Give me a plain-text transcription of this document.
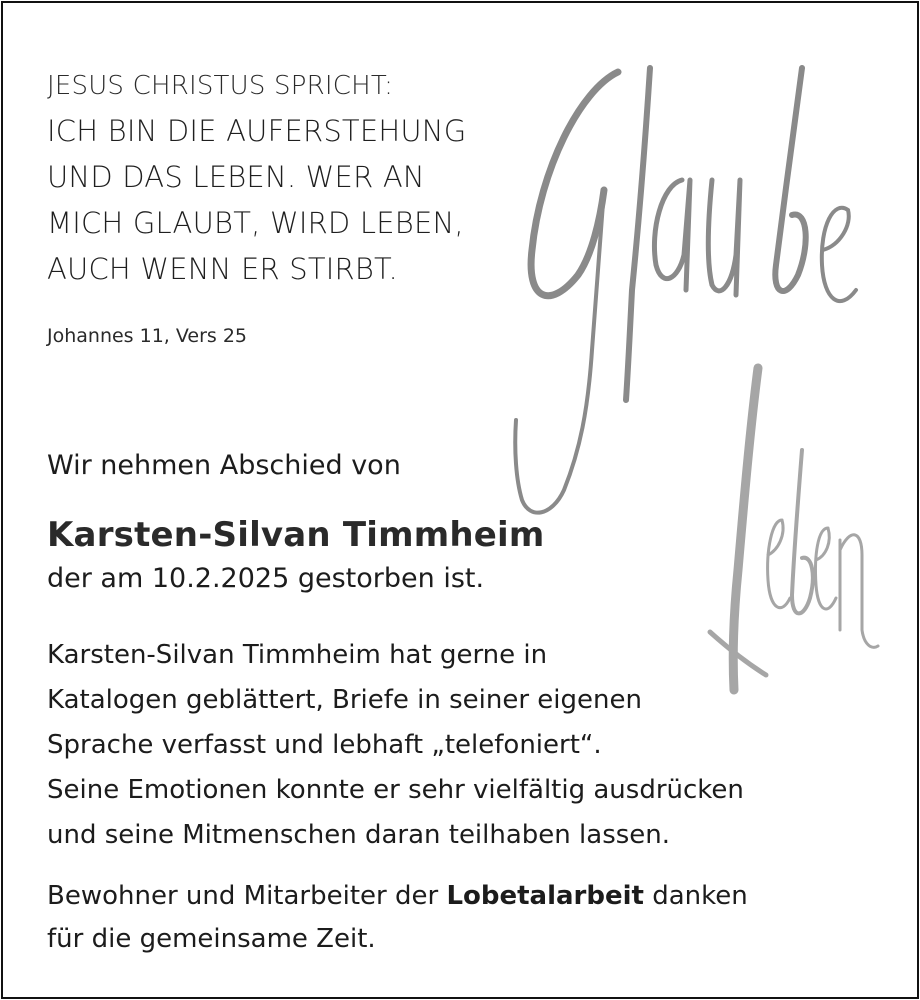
JESUS CHRISTUS SPRICHT:
ICH BIN DIE AUFERSTEHUNG
UND DAS LEBEN. WER AN
MICH GLAUBT, WIRD LEBEN,
AUCH WENN ER STIRBT.
Johannes 11, Vers 25
Wir nehmen Abschied von
Karsten-Silvan Timmheim
der am 10.2.2025 gestorben ist.
Karsten-Silvan Timmheim hat gerne in
Katalogen geblättert, Briefe in seiner eigenen
Sprache verfasst und lebhaft „telefoniert“.
Seine Emotionen konnte er sehr vielfältig ausdrücken
und seine Mitmenschen daran teilhaben lassen.
Bewohner und Mitarbeiter der Lobetalarbeit danken
für die gemeinsame Zeit.
